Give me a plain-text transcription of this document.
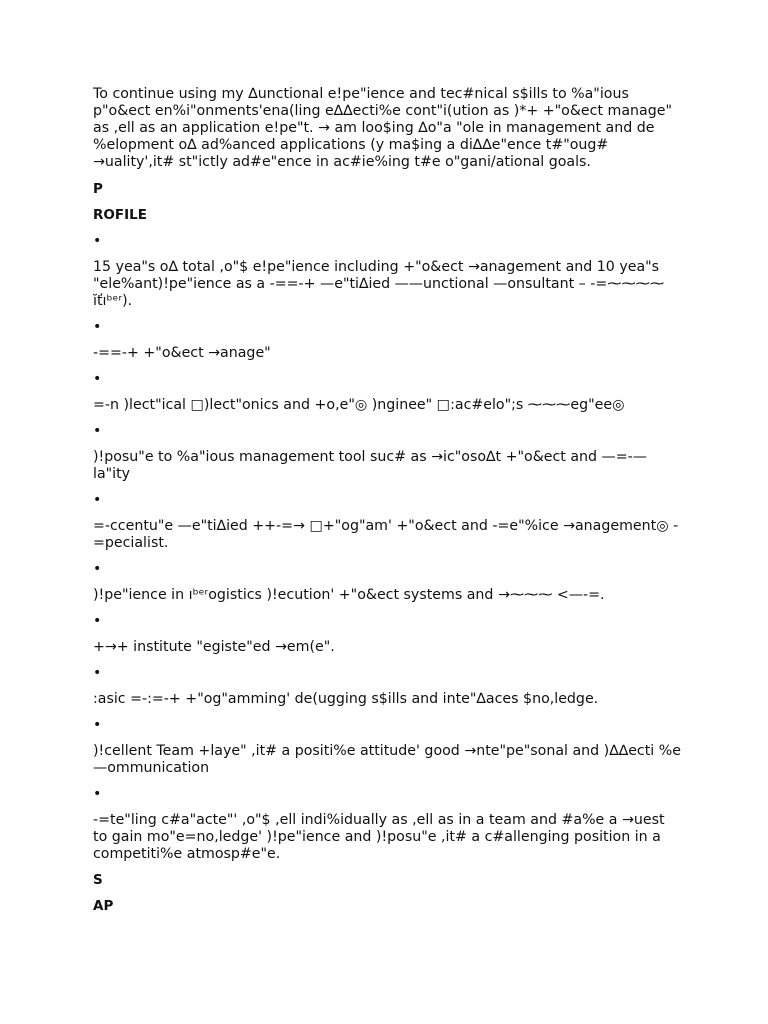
To continue using my ∆unctional e!pe"ience and tec#nical s$ills to %a"ious p"o&ect en%i"onments'ena(ling e∆∆ecti%e cont"i(ution as )*+ +"o&ect manage" as ,ell as an application e!pe"t. → am loo$ing ∆o"a "ole in management and de %elopment o∆ ad%anced applications (y ma$ing a di∆∆e"ence t#"oug# →uality',it# st"ictly ad#e"ence in ac#ie%ing t#e o"gani/ational goals.

P
ROFILE
•
15 yea"s o∆ total ,o"$ e!pe"ience including +"o&ect →anagement and 10 yea"s "ele%ant)!pe"ience as a -==-+ —e"ti∆ied ——unctional —onsultant – -=⁓⁓⁓⁓ ĭťıᵇᵉʳ).
•
-==-+ +"o&ect →anage"
•
=-n )lect"ical □)lect"onics and +o,e"◎ )nginee" □:ac#elo";s ⁓⁓⁓eg"ee◎
•
)!posu"e to %a"ious management tool suc# as →ic"oso∆t +"o&ect and —=-—la"ity
•
=-ccentu"e —e"ti∆ied ++-=→ □+"og"am' +"o&ect and -=e"%ice →anagement◎ -=pecialist.
•
)!pe"ience in ıᵇᵉʳogistics )!ecution' +"o&ect systems and →⁓⁓⁓ <—-=.
•
+→+ institute "egiste"ed →em(e".
•
:asic =-:=-+ +"og"amming' de(ugging s$ills and inte"∆aces $no,ledge.
•
)!cellent Team +laye" ,it# a positi%e attitude' good →nte"pe"sonal and )∆∆ecti %e —ommunication
•
-=te"ling c#a"acte"' ,o"$ ,ell indi%idually as ,ell as in a team and #a%e a →uest to gain mo"e=no,ledge' )!pe"ience and )!posu"e ,it# a c#allenging position in a competiti%e atmosp#e"e.
S
AP
